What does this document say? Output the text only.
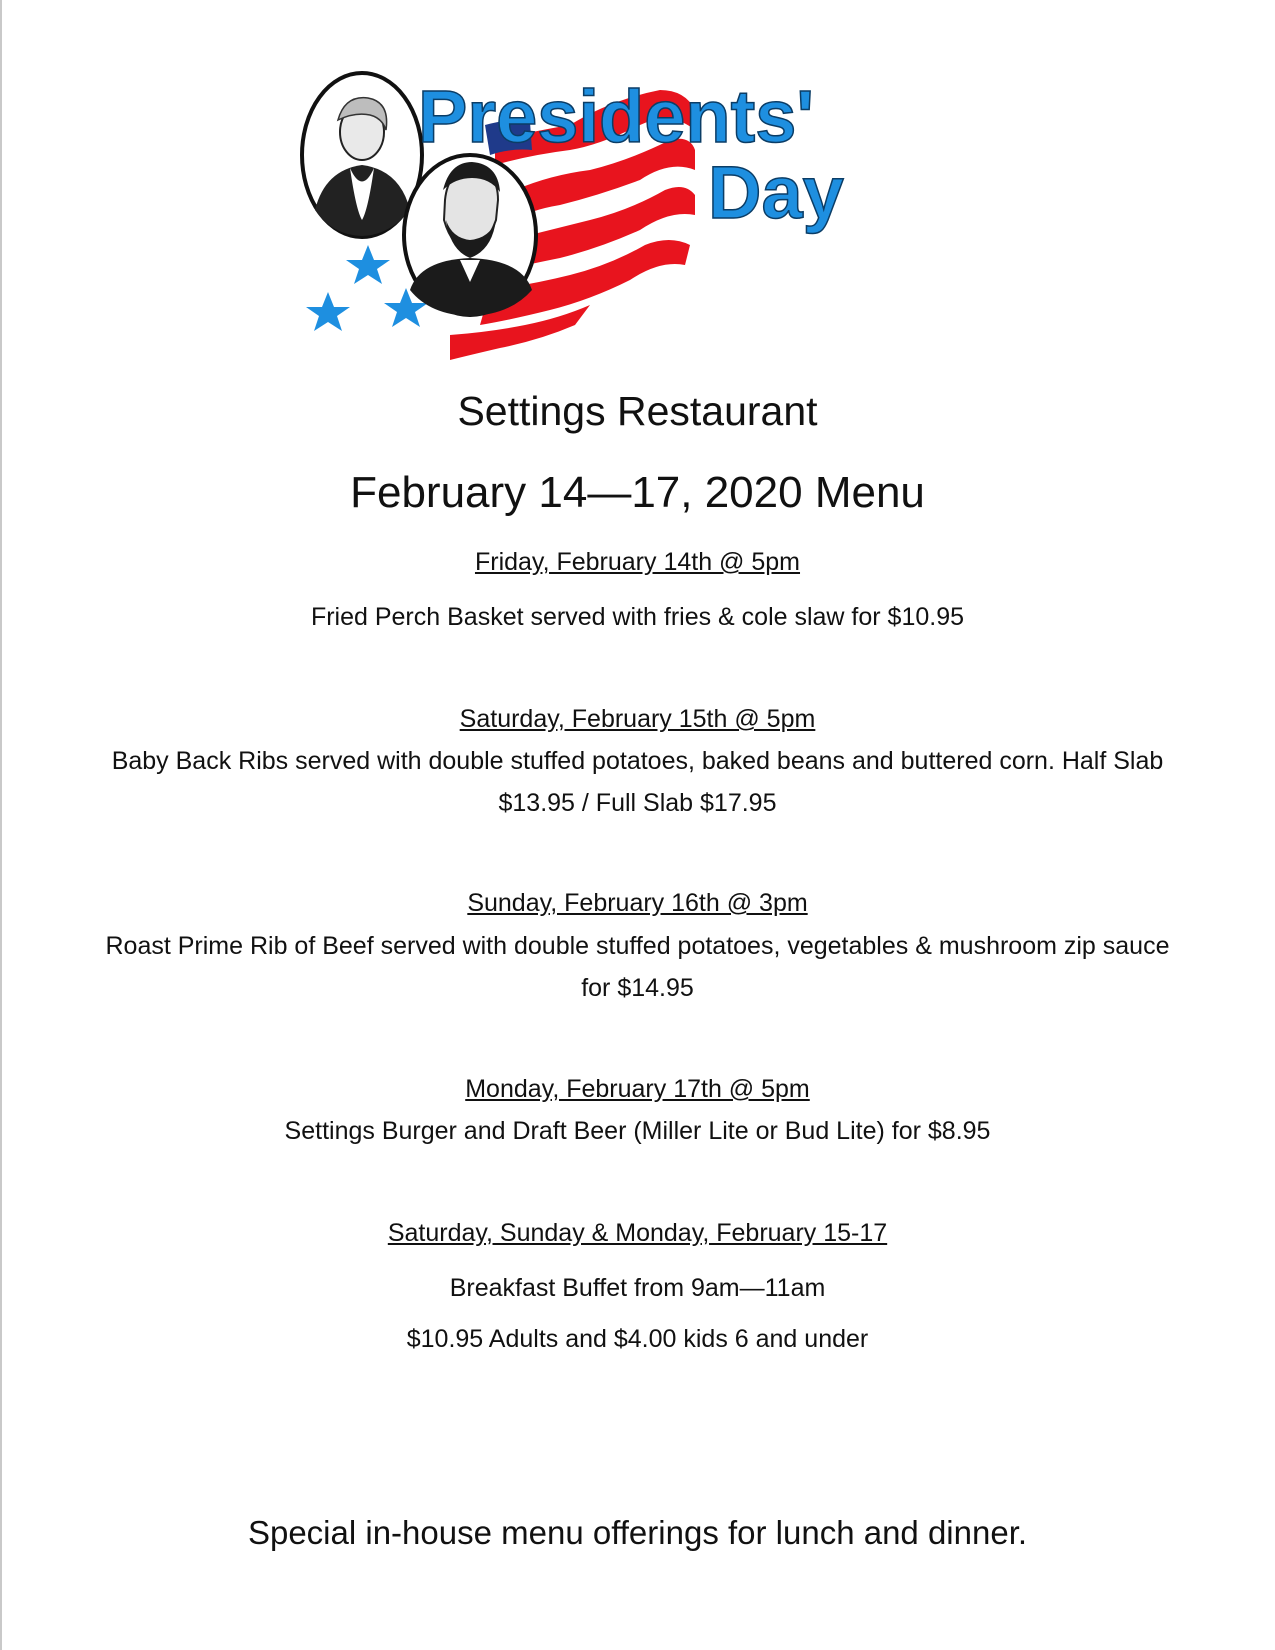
Presidents'
Day
Settings Restaurant
February 14—17, 2020 Menu
Friday, February 14th @ 5pm
Fried Perch Basket served with fries & cole slaw for $10.95
Saturday, February 15th @ 5pm
Baby Back Ribs served with double stuffed potatoes, baked beans and buttered corn. Half Slab $13.95 / Full Slab $17.95
Sunday, February 16th @ 3pm
Roast Prime Rib of Beef served with double stuffed potatoes, vegetables & mushroom zip sauce for $14.95
Monday, February 17th @ 5pm
Settings Burger and Draft Beer (Miller Lite or Bud Lite) for $8.95
Saturday, Sunday & Monday, February 15-17
Breakfast Buffet from 9am—11am
$10.95 Adults and $4.00 kids 6 and under
Special in-house menu offerings for lunch and dinner.
